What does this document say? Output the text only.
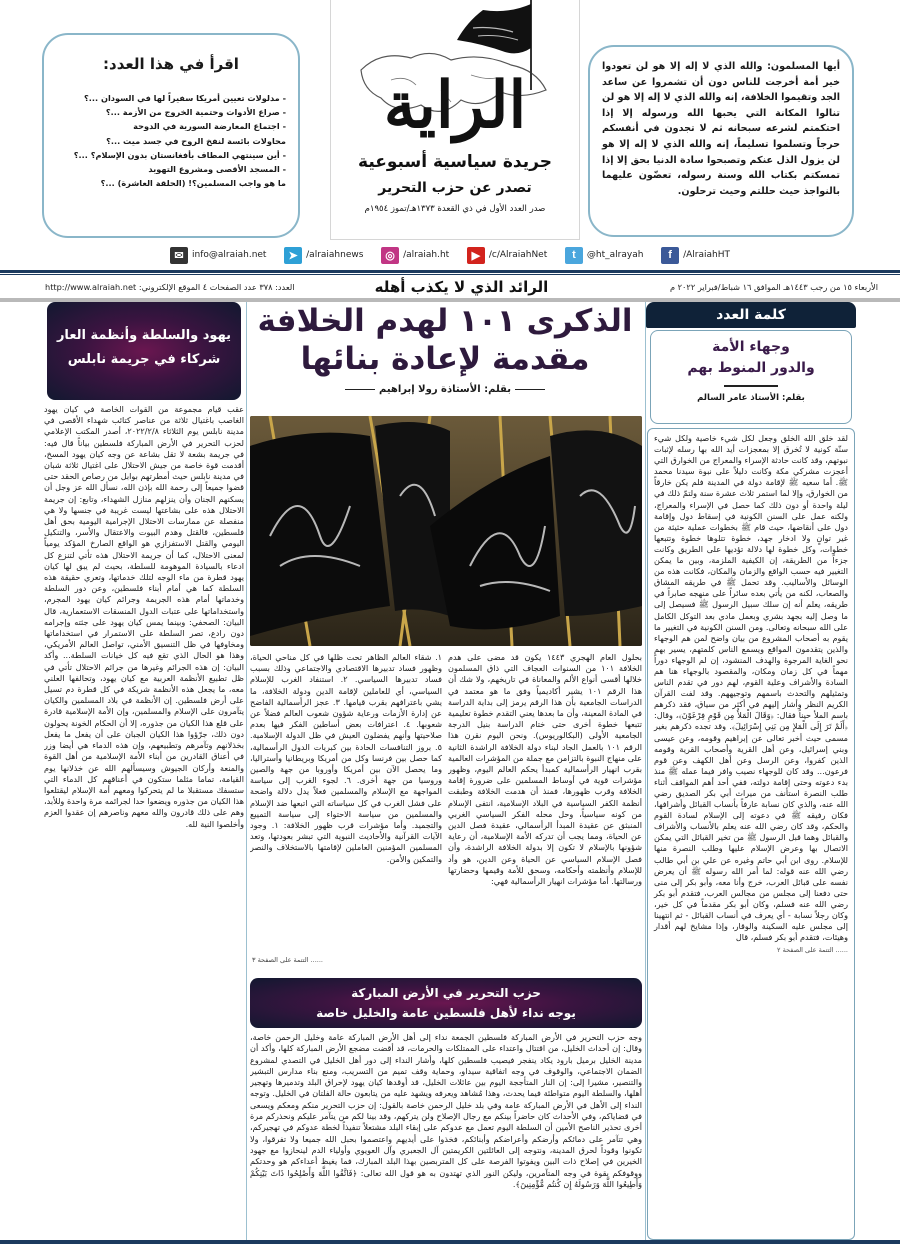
اقرأ في هذا العدد:
- مدلولات تعيين أمريكا سفيراً لها في السودان ...؟
- صراع الأدوات وحتمية الخروج من الأزمة ...؟
- اجتماع المعارضة السورية في الدوحة
محاولات بائسة لنفخ الروح في جسد ميت ...؟
- أين سينتهي المطاف بأفغانستان بدون الإسلام؟ ...؟
- المسجد الأقصى ومشروع التهويد
ما هو واجب المسلمين؟! (الحلقة العاشرة) ...؟
الراية
جريدة سياسية أسبوعية
تصدر عن حزب التحرير
صدر العدد الأول في ذي القعدة ١٣٧٣هـ/تموز ١٩٥٤م
أيها المسلمون: والله الذي لا إله إلا هو لن تعودوا خير أمة أخرجت للناس دون أن تشمروا عن ساعد الجد وتقيموا الخلافة، إنه والله الذي لا إله إلا هو لن تنالوا المكانة التي يحبها الله ورسوله إلا إذا احتكمتم لشرعه سبحانه ثم لا تجدون في أنفسكم حرجاً وتسلموا تسليماً، إنه والله الذي لا إله إلا هو لن يزول الذل عنكم وتصبحوا سادة الدنيا بحق إلا إذا تمسكتم بكتاب الله وسنة رسوله، تعضّون عليهما بالنواجذ حيث حللتم وحيث ترحلون.
f	/AlraiahHT
t	@ht_alrayah
▶ /c/AlraiahNet
◎ /alraiah.ht
➤ /alraiahnews
✉ info@alraiah.net
الأربعاء ١٥ من رجب ١٤٤٣هـ الموافق ١٦ شباط/فبراير ٢٠٢٢ م
الرائد الذي لا يكذب أهله
العدد: ٣٧٨ عدد الصفحات ٤ الموقع الإلكتروني: http://www.alraiah.net
كلمة العدد
وجهاء الأمة
والدور المنوط بهم
بقلم: الأستاذ عامر السالم
لقد خلق الله الخلق وجعل لكل شيء خاصية ولكل شيء سنّة كونية لا تُخرق إلا بمعجزات أيد الله بها رسله لإثبات نبوتهم، وقد كانت حادثة الإسراء والمعراج من الخوارق التي أعجزت مشركي مكة وكانت دليلاً على نبوة سيدنا محمد ﷺ. أما سعيه ﷺ لإقامة دولة في المدينة فلم يكن خارقاً من الخوارق، وإلا لما استمر ثلاث عشرة سنة ولتمّ ذلك في ليلة واحدة أو دون ذلك كما حصل في الإسراء والمعراج، ولكنه عمل على السنن الكونية في إسقاط دول وإقامة دول على أنقاضها، حيث قام ﷺ بخطوات عملية حثيثة من غير توانٍ ولا ادخار جهد، خطوة تتلوها خطوة وتتبعها خطوات، وكل خطوة لها دلالة تؤديها على الطريق وكانت جزءاً من الطريقة، إن الكيفية الملزمة، وبين ما يمكن التغيير فيه حسب الواقع والزمان والمكان، فكانت هذه من الوسائل والأساليب. وقد تحمل ﷺ في طريقه المشاق والصعاب، لكنه من يأتي بعده سائراً على منهجه صابراً في طريقه، يعلم أنه إن سلك سبيل الرسول ﷺ فسيصل إلى ما وصل إليه بجهد بشري وبعمل مادي بعد التوكل الكامل على الله سبحانه وتعالى. ومن السنن الكونية في التغيير ما يقوم به أصحاب المشروع من بيان واضح لمن هم الوجهاء والذين يتقدمون المواقع ويسمع الناس كلمتهم، يسير بهم نحو الغاية المرجوة والهدف المنشود، إن لم الوجهاء دوراً مهماً في كل زمان ومكان، والمقصود بالوجهاء هنا هم السادة والأشراف وعلية القوم، لهم دور في تقدم الناس وتمثيلهم والتحدث باسمهم وتوجيههم. وقد لفت القرآن الكريم النظر وأشار إليهم في أكثر من سياق، فقد ذكرهم باسم الملأ حيناً فقال: ﴿وَقَالَ الْمَلأُ مِن قَوْمِ فِرْعَوْنَ﴾، وقال: ﴿أَلَمْ تَرَ إِلَى الْمَلإِ مِن بَنِي إِسْرَائِيلَ﴾. وقد تجده ذكرهم بغير مسمى حيث أخبر تعالى عن إبراهيم وقومه، وعن عيسى وبني إسرائيل، وعن أهل القرية وأصحاب القرية وقومه الذين كفروا، وعن الرسل وعن أهل الكهف وعن قوم فرعون... وقد كان للوجهاء نصيب وافر فيما عمله ﷺ منذ بدء دعوته وحتى إقامة دولته، ففي أحد أهم المواقف أثناء طلب النصرة استأنف من ميراث أبي بكر الصديق رضي الله عنه، والذي كان نسابة عارفاً بأنساب القبائل وأشرافها، فكان رفيقه ﷺ في دعوته إلى الإسلام لسادة القوم والحكم، وقد كان رضي الله عنه يعلم بالأنساب والأشراف والقبائل وهما قبل الرسول ﷺ من تخير القبائل التي يمكن الاتصال بها وعرض الإسلام عليها وطلب النصرة منها للإسلام. روى ابن أبي حاتم وغيره عن علي بن أبي طالب رضي الله عنه قوله: لما أمر الله رسوله ﷺ أن يعرض نفسه على قبائل العرب، خرج وأنا معه، وأبو بكر إلى منى حتى دفعنا إلى مجلس من مجالس العرب، فتقدم أبو بكر رضي الله عنه فسلم، وكان أبو بكر مقدماً في كل خير، وكان رجلاً نسابة - أي يعرف في أنساب القبائل - ثم انتهينا إلى مجلس عليه السكينة والوقار، وإذا مشايخ لهم أقدار وهيئات، فتقدم أبو بكر فسلم، قال
...... التتمة على الصفحة ٢
الذكرى ١٠١ لهدم الخلافة
مقدمة لإعادة بنائها
بقلم: الأستاذة رولا إبراهيم
بحلول العام الهجري ١٤٤٣ يكون قد مضى على هدم الخلافة ١٠١ من السنوات العجاف التي ذاق المسلمون خلالها أقسى أنواع الألم والمعاناة في تاريخهم، ولا شك أن هذا الرقم ١٠١ يشير أكاديمياً وفق ما هو معتمد في الدراسات الجامعية بأن هذا الرقم يرمز إلى بداية الدراسة في المادة المعينة، وأن ما بعدها يعني التقدم خطوة تعليمية تتبعها خطوة أخرى حتى ختام الدراسة بنيل الدرجة الجامعية الأولى (البكالوريوس). ونحن اليوم نقرن هذا الرقم ١٠١ بالعمل الجاد لبناء دولة الخلافة الراشدة الثانية على منهاج النبوة بالتزامن مع جملة من المؤشرات العالمية بقرب انهيار الرأسمالية كمبدأ يحكم العالم اليوم، وظهور مؤشرات قوية في أوساط المسلمين على ضرورة إقامة الخلافة وقرب ظهورها، فمنذ أن هدمت الخلافة وطبقت أنظمة الكفر السياسية في البلاد الإسلامية، انتفى الإسلام من كونه سياسياً، وحل محله الفكر السياسي الغربي المنبثق عن عقيدة المبدأ الرأسمالي، عقيدة فصل الدين عن الحياة، ومما يجب أن تدركه الأمة الإسلامية، أن رعاية شؤونها بالإسلام لا تكون إلا بدولة الخلافة الراشدة، وأن فصل الإسلام السياسي عن الحياة وعن الدين، هو وأد للإسلام وأنظمته وأحكامه، وسحق للأمة وقيمها وحضارتها ورسالتها. أما مؤشرات انهيار الرأسمالية فهي:
١. شقاء العالم الظاهر تحت ظلها في كل مناحي الحياة، وظهور فساد تدبيرها الاقتصادي والاجتماعي وذلك بسبب فساد تدبيرها السياسي. ٢. استنفاد الغرب للإسلام السياسي، أي للعاملين لإقامة الدين ودولة الخلافة، ما يشي باعترافهم بقرب قيامها. ٣. عجز الرأسمالية الفاضح عن إدارة الأزمات ورعاية شؤون شعوب العالم فضلاً عن شعوبها. ٤. اعترافات بعض أساطين الفكر فيها بعدم صلاحيتها وأنهم يفضلون العيش في ظل الدولة الإسلامية. ٥. بروز التنافسات الحادة بين كبريات الدول الرأسمالية، كما حصل بين فرنسا وكل من أمريكا وبريطانيا وأستراليا، وما يحصل الآن بين أمريكا وأوروبا من جهة والصين وروسيا من جهة أخرى. ٦. لجوء الغرب إلى سياسة المواجهة مع الإسلام والمسلمين فعلاً يدل دلالة واضحة على فشل الغرب في كل سياساته التي اتبعها ضد الإسلام والمسلمين من سياسة الاحتواء إلى سياسة التمييع والتجميد. وأما مؤشرات قرب ظهور الخلافة: ١. وجود الآيات القرآنية والأحاديث النبوية التي تبشر بعودتها، وتعد المسلمين المؤمنين العاملين لإقامتها بالاستخلاف والنصر والتمكين والأمن.
...... التتمة على الصفحة ٣
حزب التحرير في الأرض المباركة
يوجه نداء لأهل فلسطين عامة والخليل خاصة
وجه حزب التحرير في الأرض المباركة فلسطين الجمعة نداء إلى أهل الأرض المباركة عامة وخليل الرحمن خاصة، وقال: إن أحداث الخليل، من اقتتال واعتداء على الممتلكات والحرمات، قد أقضت مضجع الأرض المباركة كلها، وأكد أن مدينة الخليل برميل بارود يكاد ينفجر فيصيب فلسطين كلها، وأشار النداء إلى دور أهل الخليل في التصدي لمشروع الضمان الاجتماعي، والوقوف في وجه اتفاقية سيداو، وحماية وقف تميم من التسريب، ومنع بناء مدارس التبشير والتنصير، مشيرا إلى: إن النار المتأججة اليوم بين عائلات الخليل، قد أوقدها كيان يهود لإحراق البلد وتدميرها وتهجير أهلها، والسلطة اليوم متواطئة فيما يحدث، وهذا مُشاهد ويعرفه ويشهد عليه من يتابعون حالة الفلتان في الخليل. وتوجه النداء إلى الأهل في الأرض المباركة عامة وفي بلد خليل الرحمن خاصة بالقول: إن حزب التحرير منكم ومعكم ويسعى في قضاياكم، وفي الأحداث كان حاضراً بينكم مع رجال الإصلاح ولن يتركهم، وقد بينا لكم من يتآمر عليكم ونحذركم مرة أخرى تحذير الناصح الأمين أن السلطة اليوم تعمل مع عدوكم على إبقاء البلد مشتعلاً تنفيذاً لخطة عدوكم في تهجيركم، وهي تتآمر على دمائكم وأرضكم وأعراضكم وأبنائكم، فخذوا على أيديهم واعتصموا بحبل الله جميعا ولا تفرقوا، ولا تكونوا وقوداً لحرق المدينة، ونتوجه إلى العائلتين الكريمتين آل الجعبري وآل العويوي وأولياء الدم لينحازوا مع جهود الخيرين في إصلاح ذات البين ويفوتوا الفرصة على كل المتربصين بهذا البلد المبارك، فما يغيظ أعداءكم هو وحدتكم ووقوفكم بقوة في وجه المتآمرين، وليكن النور الذي تهتدون به هو قول الله تعالى: ﴿فَاتَّقُوا اللَّهَ وَأَصْلِحُوا ذَاتَ بَيْنِكُمْ وَأَطِيعُوا اللَّهَ وَرَسُولَهُ إِن كُنتُم مُّؤْمِنِينَ﴾.
يهود والسلطة وأنظمة العار
شركاء في جريمة نابلس
عقب قيام مجموعة من القوات الخاصة في كيان يهود الغاصب باغتيال ثلاثة من عناصر كتائب شهداء الأقصى في مدينة نابلس يوم الثلاثاء ٢٠٢٢/٢/٨، أصدر المكتب الإعلامي لحزب التحرير في الأرض المباركة فلسطين بياناً قال فيه: في جريمة بشعة لا تقل بشاعة عن وجه كيان يهود المسخ، أقدمت قوة خاصة من جيش الاحتلال على اغتيال ثلاثة شبان في مدينة نابلس حيث أمطرتهم بوابل من رصاص الحقد حتى قضوا جميعاً إلى رحمة الله بإذن الله، نسأل الله عز وجل أن يسكنهم الجنان وأن ينزلهم منازل الشهداء، وتابع: إن جريمة الاحتلال هذه على بشاعتها ليست غريبة في جنسها ولا هي منفصلة عن ممارسات الاحتلال الإجرامية اليومية بحق أهل فلسطين، فالقتل وهدم البيوت والاعتقال والأسر، والتنكيل اليومي والقتل الاستفزازي هو الواقع الصارخ المؤكد يومياً لمعنى الاحتلال، كما أن جريمة الاحتلال هذه تأتي لتنزع كل ادعاء بالسيادة الموهومة للسلطة، بحيث لم يبق لها كيان يهود قطرة من ماء الوجه لتلك خدماتها، وتعري حقيقة هذه السلطة كما هي أمام أبناء فلسطين، وعن دور السلطة وخدماتها أمام هذه الجريمة وجرائم كيان يهود المجرم، واستخداماتها على عتبات الدول المنسقات الاستعمارية، قال البيان: الصحفي: وبينما يمس كيان يهود على جثته وإجرامه دون رادع، تصر السلطة على الاستمرار في استخداماتها ومخاوفها في ظل التنسيق الأمني، تواصل العالم الأمريكي، وهذا هو الحال الذي تقع فيه كل خيانات السلطة... وأكد البيان: إن هذه الجرائم وغيرها من جرائم الاحتلال تأتي في ظل تطبيع الأنظمة العربية مع كيان يهود، وتحالفها العلني معه، ما يجعل هذه الأنظمة شريكة في كل قطرة دم تسيل على أرض فلسطين. إن الأنظمة في بلاد المسلمين والكيان يتآمرون على الإسلام والمسلمين، وإن الأمة الإسلامية قادرة على قلع هذا الكيان من جذوره، إلا أن الحكام الخونة يحولون دون ذلك، جرّؤوا هذا الكيان الجبان على أن يفعل ما يفعل بخذلانهم وتآمرهم وتطبيعهم، وإن هذه الدماء هي أيضا وزر في أعناق القادرين من أبناء الأمة الإسلامية من أهل القوة والمنعة وأركان الجيوش وسيسألهم الله عن خذلانها يوم القيامة، تماما مثلما ستكون في أعناقهم كل الدماء التي ستسفك مستقبلا ما لم يتحركوا ومعهم أمة الإسلام ليقتلعوا هذا الكيان من جذوره ويضعوا حدا لجرائمه مرة واحدة وللأبد، وهم على ذلك قادرون والله معهم وناصرهم إن عقدوا العزم وأخلصوا النية لله.
